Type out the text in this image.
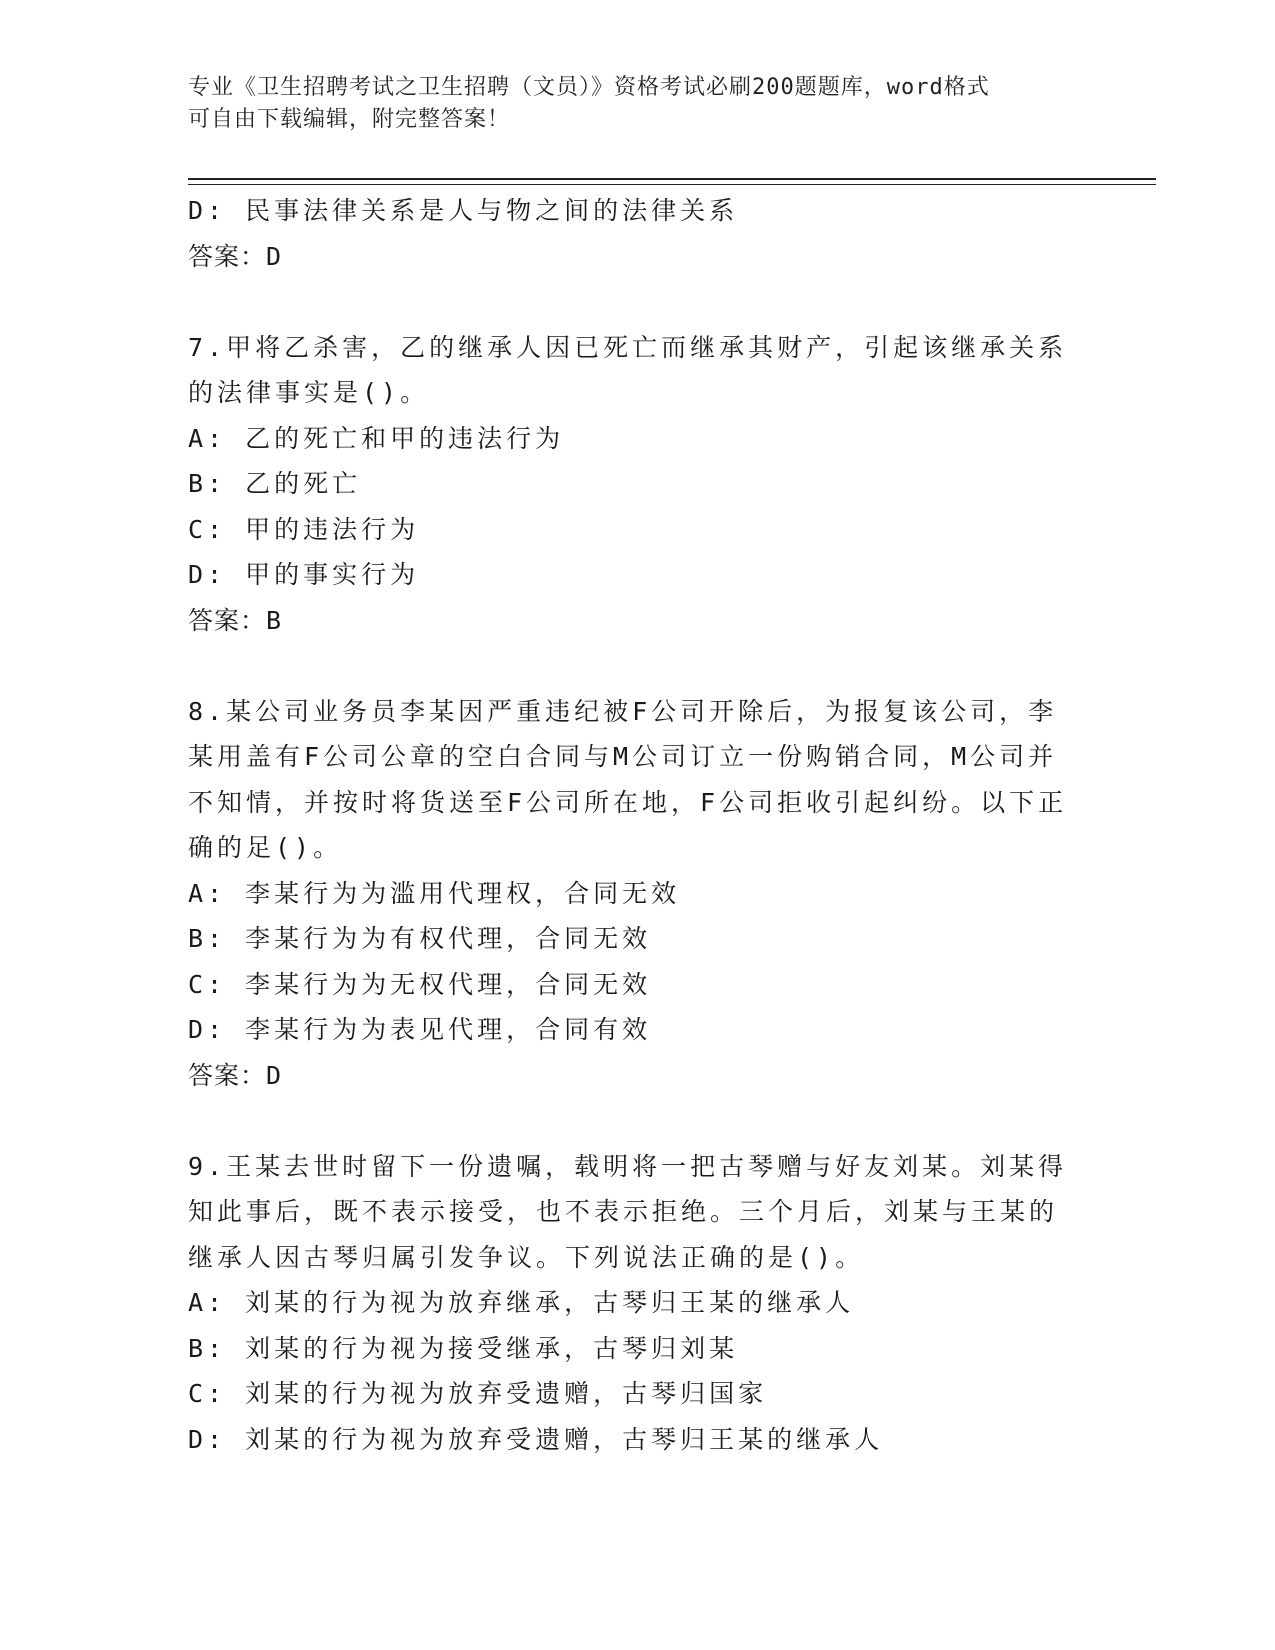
专业《卫生招聘考试之卫生招聘（文员）》资格考试必刷200题题库，word格式
可自由下载编辑，附完整答案！
D: 民事法律关系是人与物之间的法律关系
答案：D
7.甲将乙杀害，乙的继承人因已死亡而继承其财产，引起该继承关系
的法律事实是()。
A: 乙的死亡和甲的违法行为
B: 乙的死亡
C: 甲的违法行为
D: 甲的事实行为
答案：B
8.某公司业务员李某因严重违纪被F公司开除后，为报复该公司，李
某用盖有F公司公章的空白合同与M公司订立一份购销合同，M公司并
不知情，并按时将货送至F公司所在地，F公司拒收引起纠纷。以下正
确的足()。
A: 李某行为为滥用代理权，合同无效
B: 李某行为为有权代理，合同无效
C: 李某行为为无权代理，合同无效
D: 李某行为为表见代理，合同有效
答案：D
9.王某去世时留下一份遗嘱，载明将一把古琴赠与好友刘某。刘某得
知此事后，既不表示接受，也不表示拒绝。三个月后，刘某与王某的
继承人因古琴归属引发争议。下列说法正确的是()。
A: 刘某的行为视为放弃继承，古琴归王某的继承人
B: 刘某的行为视为接受继承，古琴归刘某
C: 刘某的行为视为放弃受遗赠，古琴归国家
D: 刘某的行为视为放弃受遗赠，古琴归王某的继承人
